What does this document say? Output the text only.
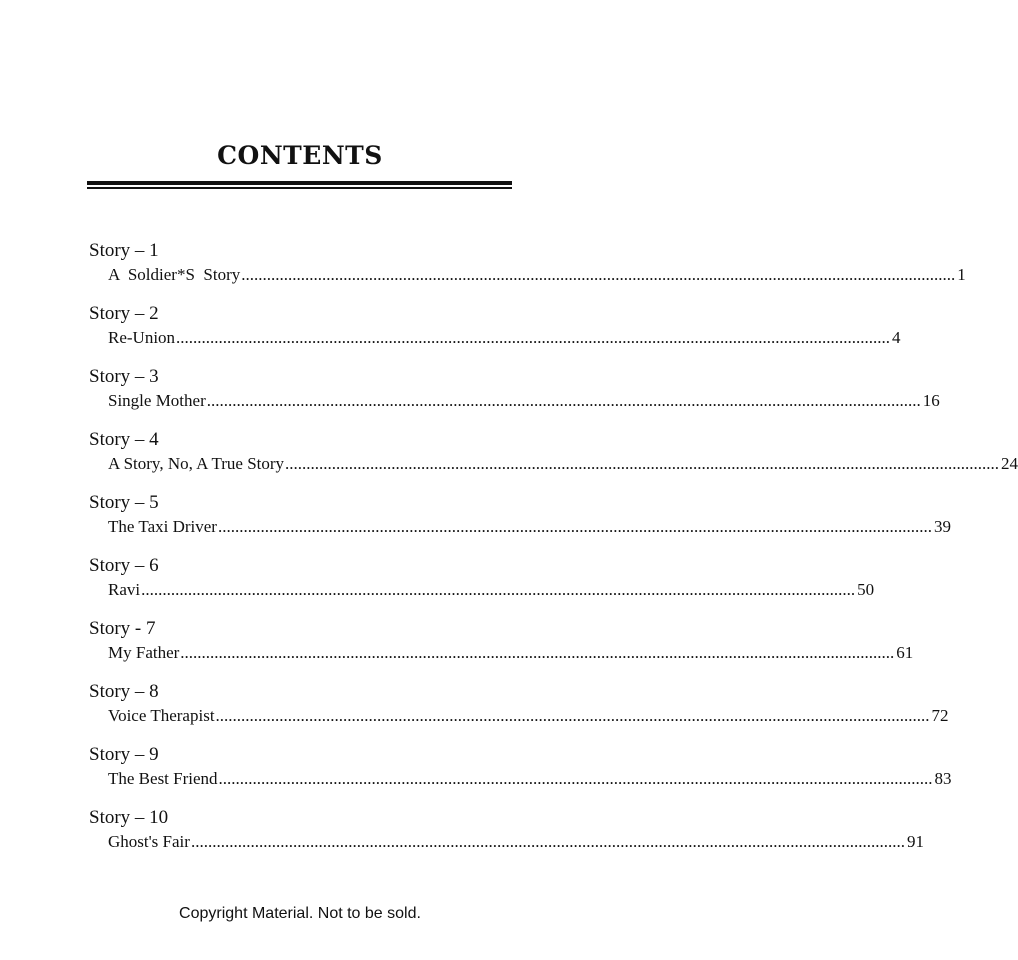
CONTENTS
Story – 1
A  Soldier*S  Story ........................................................................................................................................................................ 1
Story – 2
Re-Union ........................................................................................................................................................................ 4
Story – 3
Single Mother ........................................................................................................................................................................ 16
Story – 4
A Story, No, A True Story ........................................................................................................................................................................ 24
Story – 5
The Taxi Driver ........................................................................................................................................................................ 39
Story – 6
Ravi ........................................................................................................................................................................ 50
Story - 7
My Father ........................................................................................................................................................................ 61
Story – 8
Voice Therapist ........................................................................................................................................................................ 72
Story – 9
The Best Friend ........................................................................................................................................................................ 83
Story – 10
Ghost's Fair ........................................................................................................................................................................ 91
Copyright Material. Not to be sold.
